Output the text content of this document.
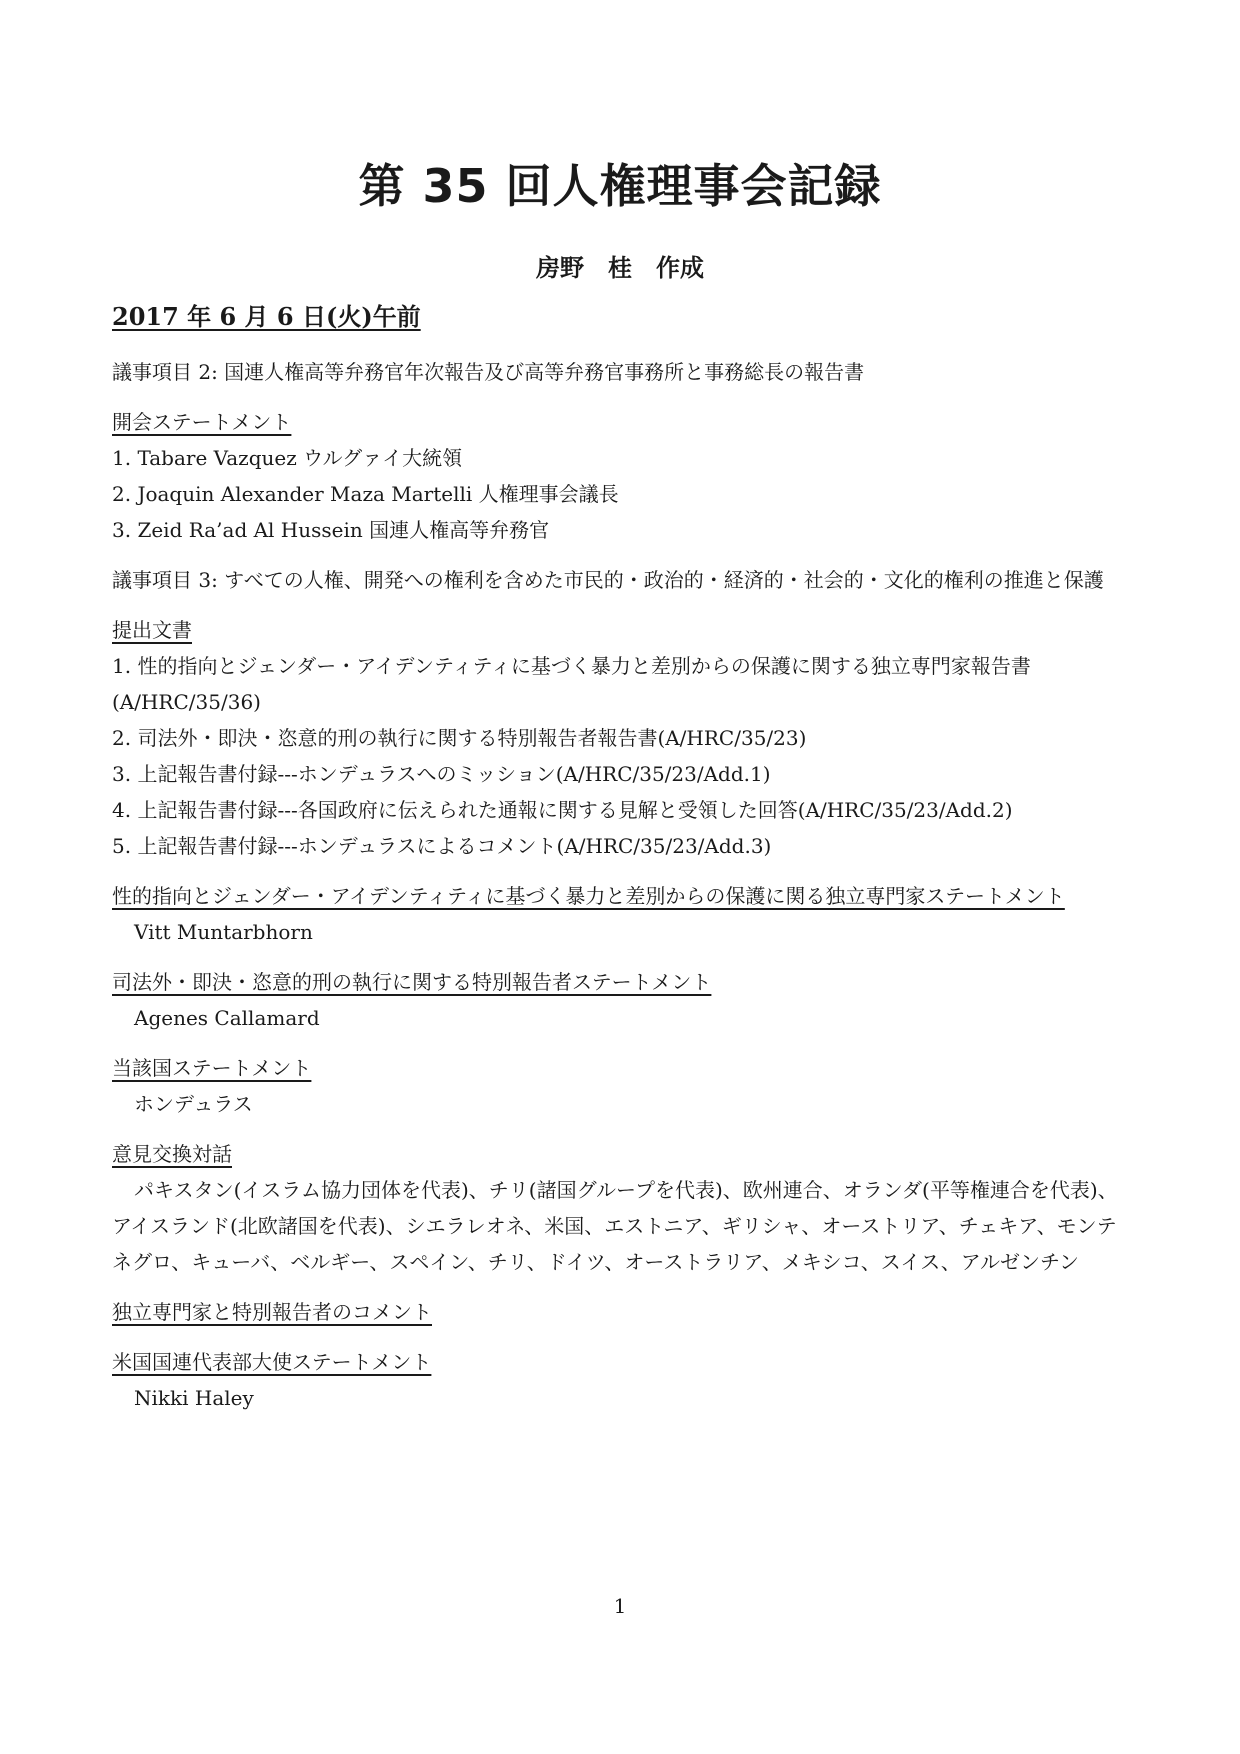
第 35 回人権理事会記録
房野　桂　作成
2017 年 6 月 6 日(火)午前
議事項目 2: 国連人権高等弁務官年次報告及び高等弁務官事務所と事務総長の報告書
開会ステートメント
1. Tabare Vazquez ウルグァイ大統領
2. Joaquin Alexander Maza Martelli 人権理事会議長
3. Zeid Ra’ad Al Hussein 国連人権高等弁務官
議事項目 3: すべての人権、開発への権利を含めた市民的・政治的・経済的・社会的・文化的権利の推進と保護
提出文書
1. 性的指向とジェンダー・アイデンティティに基づく暴力と差別からの保護に関する独立専門家報告書(A/HRC/35/36)
2. 司法外・即決・恣意的刑の執行に関する特別報告者報告書(A/HRC/35/23)
3. 上記報告書付録---ホンデュラスへのミッション(A/HRC/35/23/Add.1)
4. 上記報告書付録---各国政府に伝えられた通報に関する見解と受領した回答(A/HRC/35/23/Add.2)
5. 上記報告書付録---ホンデュラスによるコメント(A/HRC/35/23/Add.3)
性的指向とジェンダー・アイデンティティに基づく暴力と差別からの保護に関る独立専門家ステートメント
Vitt Muntarbhorn
司法外・即決・恣意的刑の執行に関する特別報告者ステートメント
Agenes Callamard
当該国ステートメント
ホンデュラス
意見交換対話
パキスタン(イスラム協力団体を代表)、チリ(諸国グループを代表)、欧州連合、オランダ(平等権連合を代表)、アイスランド(北欧諸国を代表)、シエラレオネ、米国、エストニア、ギリシャ、オーストリア、チェキア、モンテネグロ、キューバ、ベルギー、スペイン、チリ、ドイツ、オーストラリア、メキシコ、スイス、アルゼンチン
独立専門家と特別報告者のコメント
米国国連代表部大使ステートメント
Nikki Haley
1
